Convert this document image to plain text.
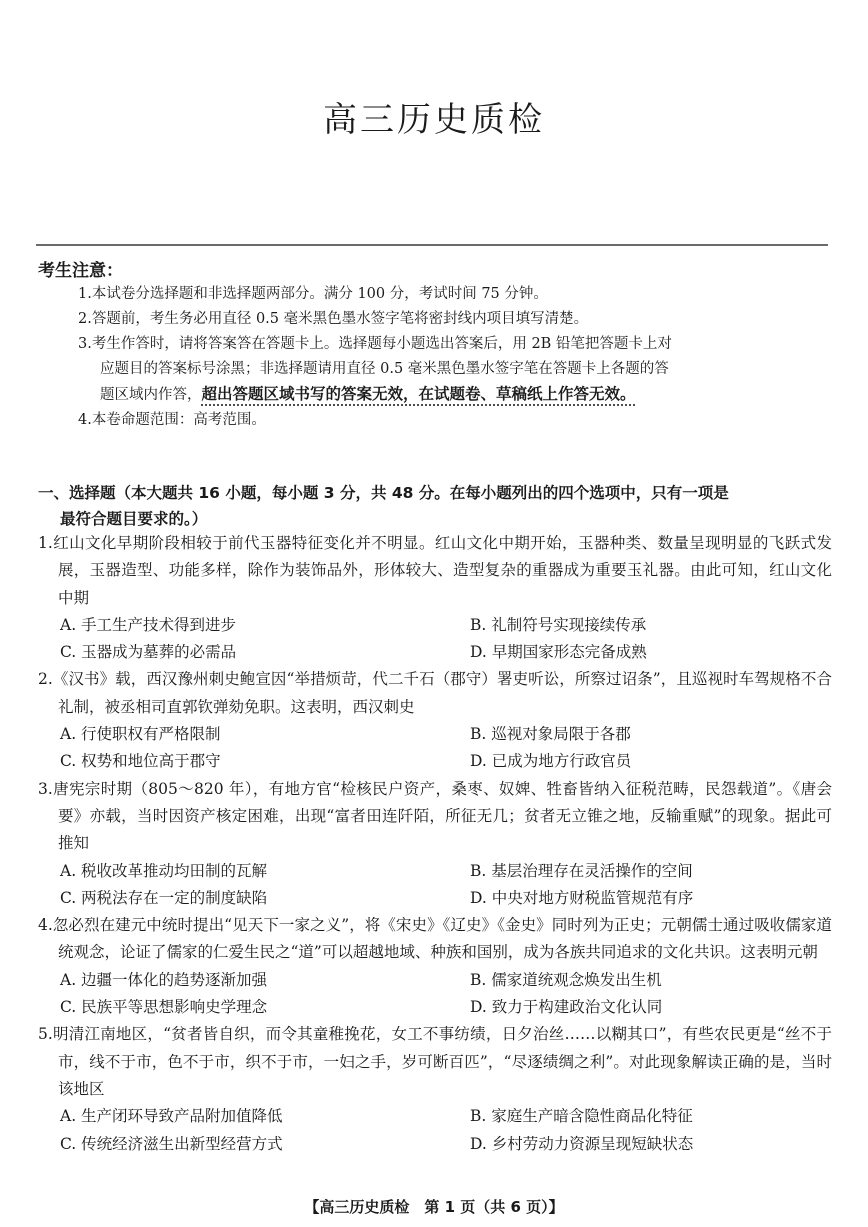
高三历史质检
考生注意：

1.本试卷分选择题和非选择题两部分。满分 100 分，考试时间 75 分钟。

2.答题前，考生务必用直径 0.5 毫米黑色墨水签字笔将密封线内项目填写清楚。

3.考生作答时，请将答案答在答题卡上。选择题每小题选出答案后，用 2B 铅笔把答题卡上对

应题目的答案标号涂黑；非选择题请用直径 0.5 毫米黑色墨水签字笔在答题卡上各题的答

题区域内作答，超出答题区域书写的答案无效，在试题卷、草稿纸上作答无效。

4.本卷命题范围：高考范围。

一、选择题（本大题共 16 小题，每小题 3 分，共 48 分。在每小题列出的四个选项中，只有一项是
最符合题目要求的。）

1.红山文化早期阶段相较于前代玉器特征变化并不明显。红山文化中期开始，玉器种类、数量呈现明显的飞跃式发展，玉器造型、功能多样，除作为装饰品外，形体较大、造型复杂的重器成为重要玉礼器。由此可知，红山文化中期

A. 手工生产技术得到进步	B. 礼制符号实现接续传承
C. 玉器成为墓葬的必需品	D. 早期国家形态完备成熟

2.《汉书》载，西汉豫州刺史鲍宣因“举措烦苛，代二千石（郡守）署吏听讼，所察过诏条”，且巡视时车驾规格不合礼制，被丞相司直郭钦弹劾免职。这表明，西汉刺史

A. 行使职权有严格限制	B. 巡视对象局限于各郡
C. 权势和地位高于郡守	D. 已成为地方行政官员

3.唐宪宗时期（805～820 年），有地方官“检核民户资产，桑枣、奴婢、牲畜皆纳入征税范畴，民怨载道”。《唐会要》亦载，当时因资产核定困难，出现“富者田连阡陌，所征无几；贫者无立锥之地，反输重赋”的现象。据此可推知

A. 税收改革推动均田制的瓦解	B. 基层治理存在灵活操作的空间
C. 两税法存在一定的制度缺陷	D. 中央对地方财税监管规范有序

4.忽必烈在建元中统时提出“见天下一家之义”，将《宋史》《辽史》《金史》同时列为正史；元朝儒士通过吸收儒家道统观念，论证了儒家的仁爱生民之“道”可以超越地域、种族和国别，成为各族共同追求的文化共识。这表明元朝

A. 边疆一体化的趋势逐渐加强	B. 儒家道统观念焕发出生机
C. 民族平等思想影响史学理念	D. 致力于构建政治文化认同

5.明清江南地区，“贫者皆自织，而令其童稚挽花，女工不事纺绩，日夕治丝……以糊其口”，有些农民更是“丝不于市，线不于市，色不于市，织不于市，一妇之手，岁可断百匹”，“尽逐绩绸之利”。对此现象解读正确的是，当时该地区

A. 生产闭环导致产品附加值降低	B. 家庭生产暗含隐性商品化特征
C. 传统经济滋生出新型经营方式	D. 乡村劳动力资源呈现短缺状态
【高三历史质检　第 1 页（共 6 页）】
